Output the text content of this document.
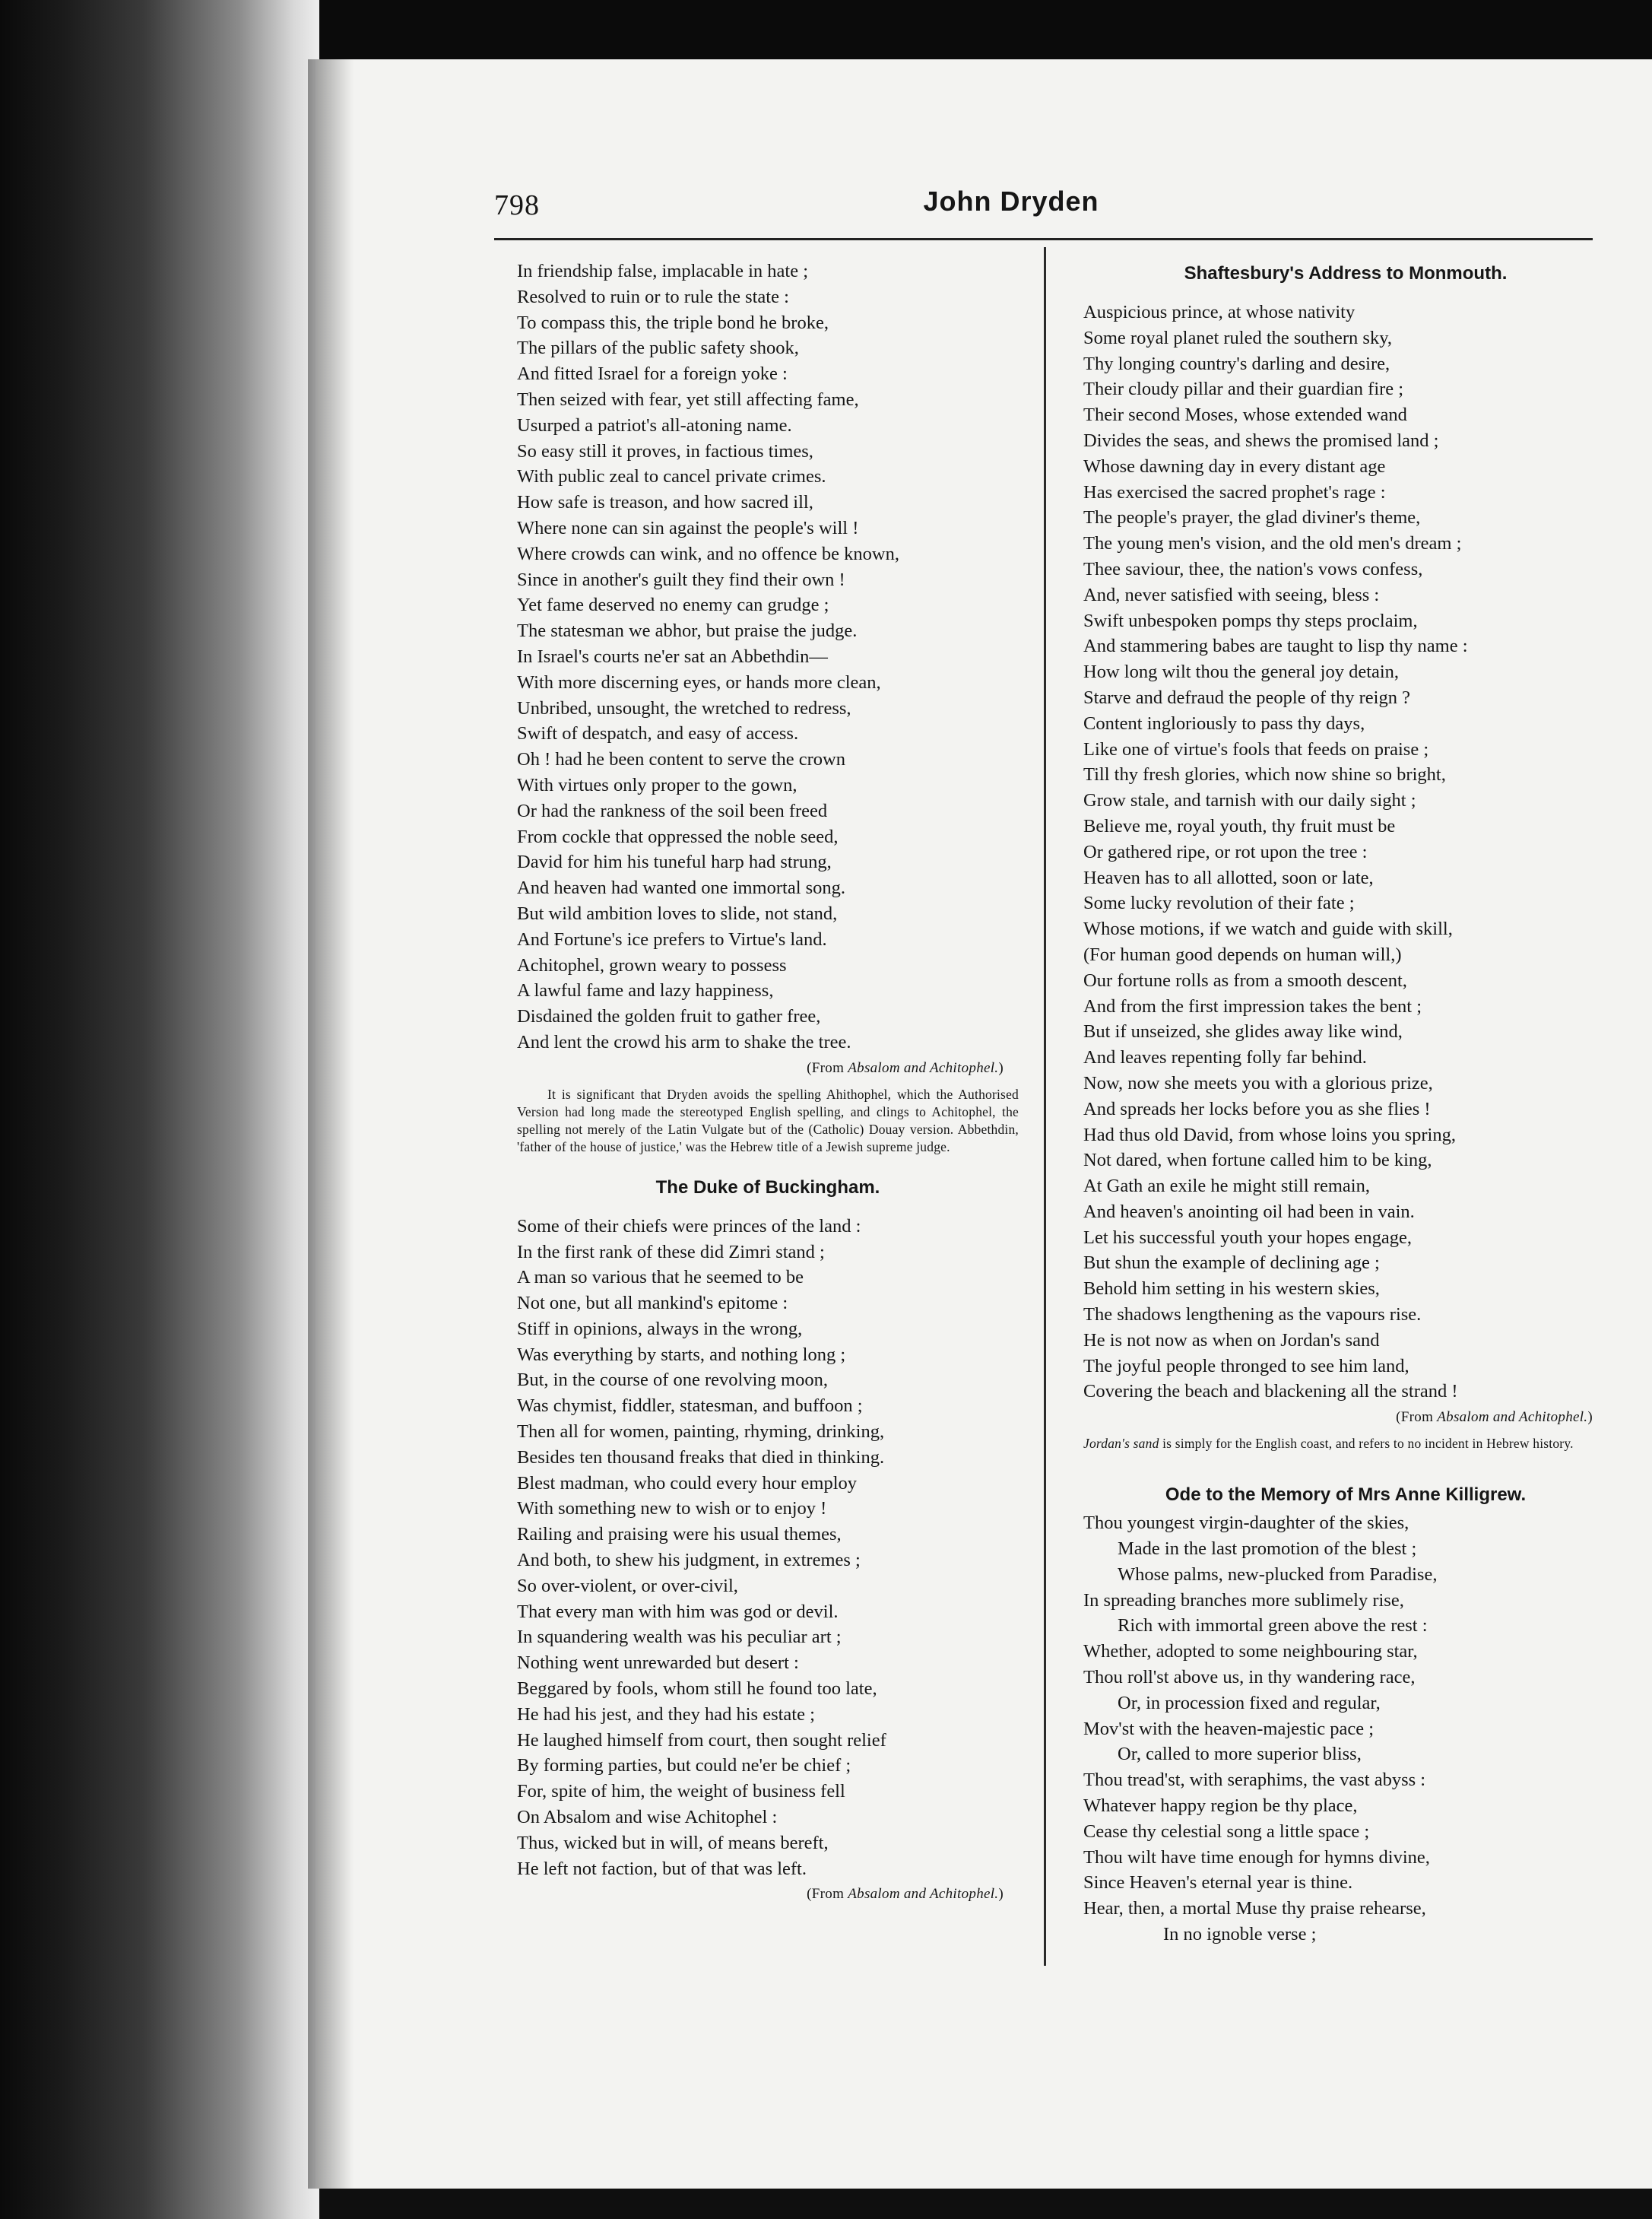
798	John Dryden
In friendship false, implacable in hate ;
Resolved to ruin or to rule the state :
To compass this, the triple bond he broke,
The pillars of the public safety shook,
And fitted Israel for a foreign yoke :
Then seized with fear, yet still affecting fame,
Usurped a patriot's all-atoning name.
So easy still it proves, in factious times,
With public zeal to cancel private crimes.
How safe is treason, and how sacred ill,
Where none can sin against the people's will !
Where crowds can wink, and no offence be known,
Since in another's guilt they find their own !
Yet fame deserved no enemy can grudge ;
The statesman we abhor, but praise the judge.
In Israel's courts ne'er sat an Abbethdin—
With more discerning eyes, or hands more clean,
Unbribed, unsought, the wretched to redress,
Swift of despatch, and easy of access.
Oh ! had he been content to serve the crown
With virtues only proper to the gown,
Or had the rankness of the soil been freed
From cockle that oppressed the noble seed,
David for him his tuneful harp had strung,
And heaven had wanted one immortal song.
But wild ambition loves to slide, not stand,
And Fortune's ice prefers to Virtue's land.
Achitophel, grown weary to possess
A lawful fame and lazy happiness,
Disdained the golden fruit to gather free,
And lent the crowd his arm to shake the tree.
(From Absalom and Achitophel.)

It is significant that Dryden avoids the spelling Ahithophel, which the Authorised Version had long made the stereotyped English spelling, and clings to Achitophel, the spelling not merely of the Latin Vulgate but of the (Catholic) Douay version. Abbethdin, 'father of the house of justice,' was the Hebrew title of a Jewish supreme judge.

The Duke of Buckingham.
Some of their chiefs were princes of the land :
In the first rank of these did Zimri stand ;
A man so various that he seemed to be
Not one, but all mankind's epitome :
Stiff in opinions, always in the wrong,
Was everything by starts, and nothing long ;
But, in the course of one revolving moon,
Was chymist, fiddler, statesman, and buffoon ;
Then all for women, painting, rhyming, drinking,
Besides ten thousand freaks that died in thinking.
Blest madman, who could every hour employ
With something new to wish or to enjoy !
Railing and praising were his usual themes,
And both, to shew his judgment, in extremes ;
So over-violent, or over-civil,
That every man with him was god or devil.
In squandering wealth was his peculiar art ;
Nothing went unrewarded but desert :
Beggared by fools, whom still he found too late,
He had his jest, and they had his estate ;
He laughed himself from court, then sought relief
By forming parties, but could ne'er be chief ;
For, spite of him, the weight of business fell
On Absalom and wise Achitophel :
Thus, wicked but in will, of means bereft,
He left not faction, but of that was left.
(From Absalom and Achitophel.)
Shaftesbury's Address to Monmouth.
Auspicious prince, at whose nativity
Some royal planet ruled the southern sky,
Thy longing country's darling and desire,
Their cloudy pillar and their guardian fire ;
Their second Moses, whose extended wand
Divides the seas, and shews the promised land ;
Whose dawning day in every distant age
Has exercised the sacred prophet's rage :
The people's prayer, the glad diviner's theme,
The young men's vision, and the old men's dream ;
Thee saviour, thee, the nation's vows confess,
And, never satisfied with seeing, bless :
Swift unbespoken pomps thy steps proclaim,
And stammering babes are taught to lisp thy name :
How long wilt thou the general joy detain,
Starve and defraud the people of thy reign ?
Content ingloriously to pass thy days,
Like one of virtue's fools that feeds on praise ;
Till thy fresh glories, which now shine so bright,
Grow stale, and tarnish with our daily sight ;
Believe me, royal youth, thy fruit must be
Or gathered ripe, or rot upon the tree :
Heaven has to all allotted, soon or late,
Some lucky revolution of their fate ;
Whose motions, if we watch and guide with skill,
(For human good depends on human will,)
Our fortune rolls as from a smooth descent,
And from the first impression takes the bent ;
But if unseized, she glides away like wind,
And leaves repenting folly far behind.
Now, now she meets you with a glorious prize,
And spreads her locks before you as she flies !
Had thus old David, from whose loins you spring,
Not dared, when fortune called him to be king,
At Gath an exile he might still remain,
And heaven's anointing oil had been in vain.
Let his successful youth your hopes engage,
But shun the example of declining age ;
Behold him setting in his western skies,
The shadows lengthening as the vapours rise.
He is not now as when on Jordan's sand
The joyful people thronged to see him land,
Covering the beach and blackening all the strand !
(From Absalom and Achitophel.)

Jordan's sand is simply for the English coast, and refers to no incident in Hebrew history.

Ode to the Memory of Mrs Anne Killigrew.
Thou youngest virgin-daughter of the skies,
Made in the last promotion of the blest ;
Whose palms, new-plucked from Paradise,
In spreading branches more sublimely rise,
Rich with immortal green above the rest :
Whether, adopted to some neighbouring star,
Thou roll'st above us, in thy wandering race,
Or, in procession fixed and regular,
Mov'st with the heaven-majestic pace ;
Or, called to more superior bliss,
Thou tread'st, with seraphims, the vast abyss :
Whatever happy region be thy place,
Cease thy celestial song a little space ;
Thou wilt have time enough for hymns divine,
Since Heaven's eternal year is thine.
Hear, then, a mortal Muse thy praise rehearse,
In no ignoble verse ;
